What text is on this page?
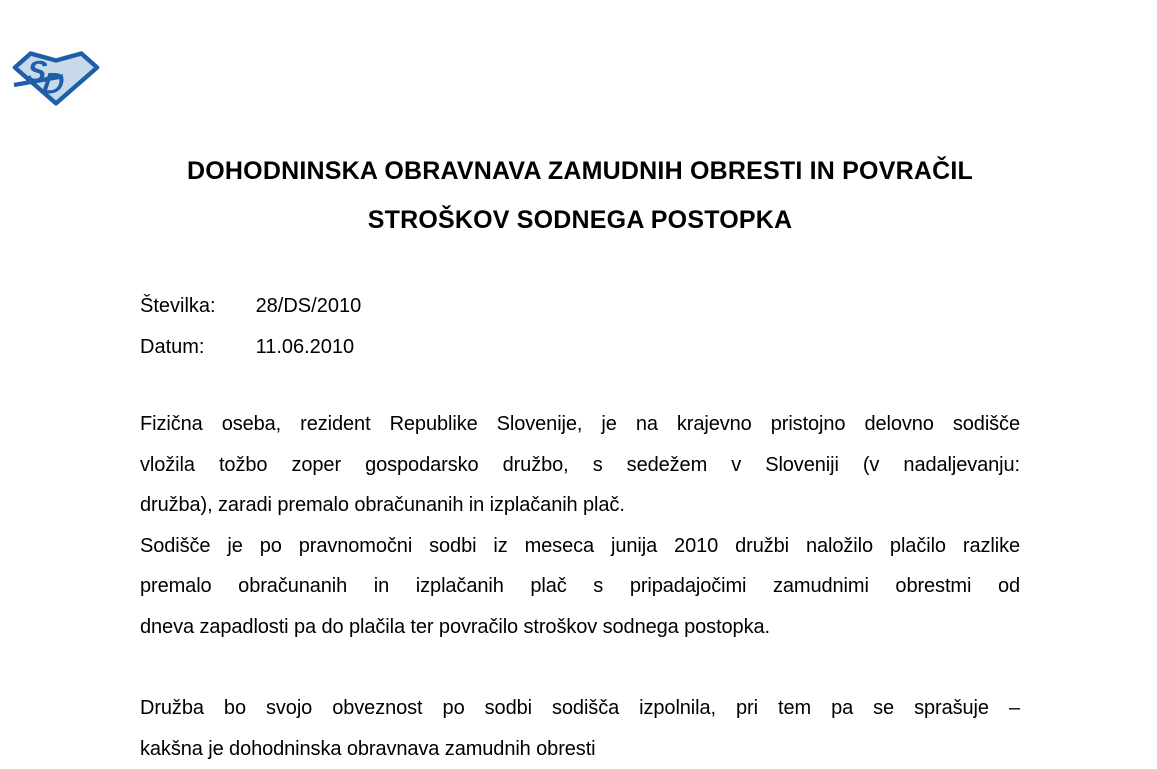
S
D
DOHODNINSKA OBRAVNAVA ZAMUDNIH OBRESTI IN POVRAČIL
STROŠKOV SODNEGA POSTOPKA
Številka: 28/DS/2010
Datum:	11.06.2010
Fizična oseba, rezident Republike Slovenije, je na krajevno pristojno delovno sodišče
vložila tožbo zoper gospodarsko družbo, s sedežem v Sloveniji (v nadaljevanju:
družba), zaradi premalo obračunanih in izplačanih plač.
Sodišče je po pravnomočni sodbi iz meseca junija 2010 družbi naložilo plačilo razlike
premalo obračunanih in izplačanih plač s pripadajočimi zamudnimi obrestmi od
dneva zapadlosti pa do plačila ter povračilo stroškov sodnega postopka.
Družba bo svojo obveznost po sodbi sodišča izpolnila, pri tem pa se sprašuje –
kakšna je dohodninska obravnava zamudnih obresti
